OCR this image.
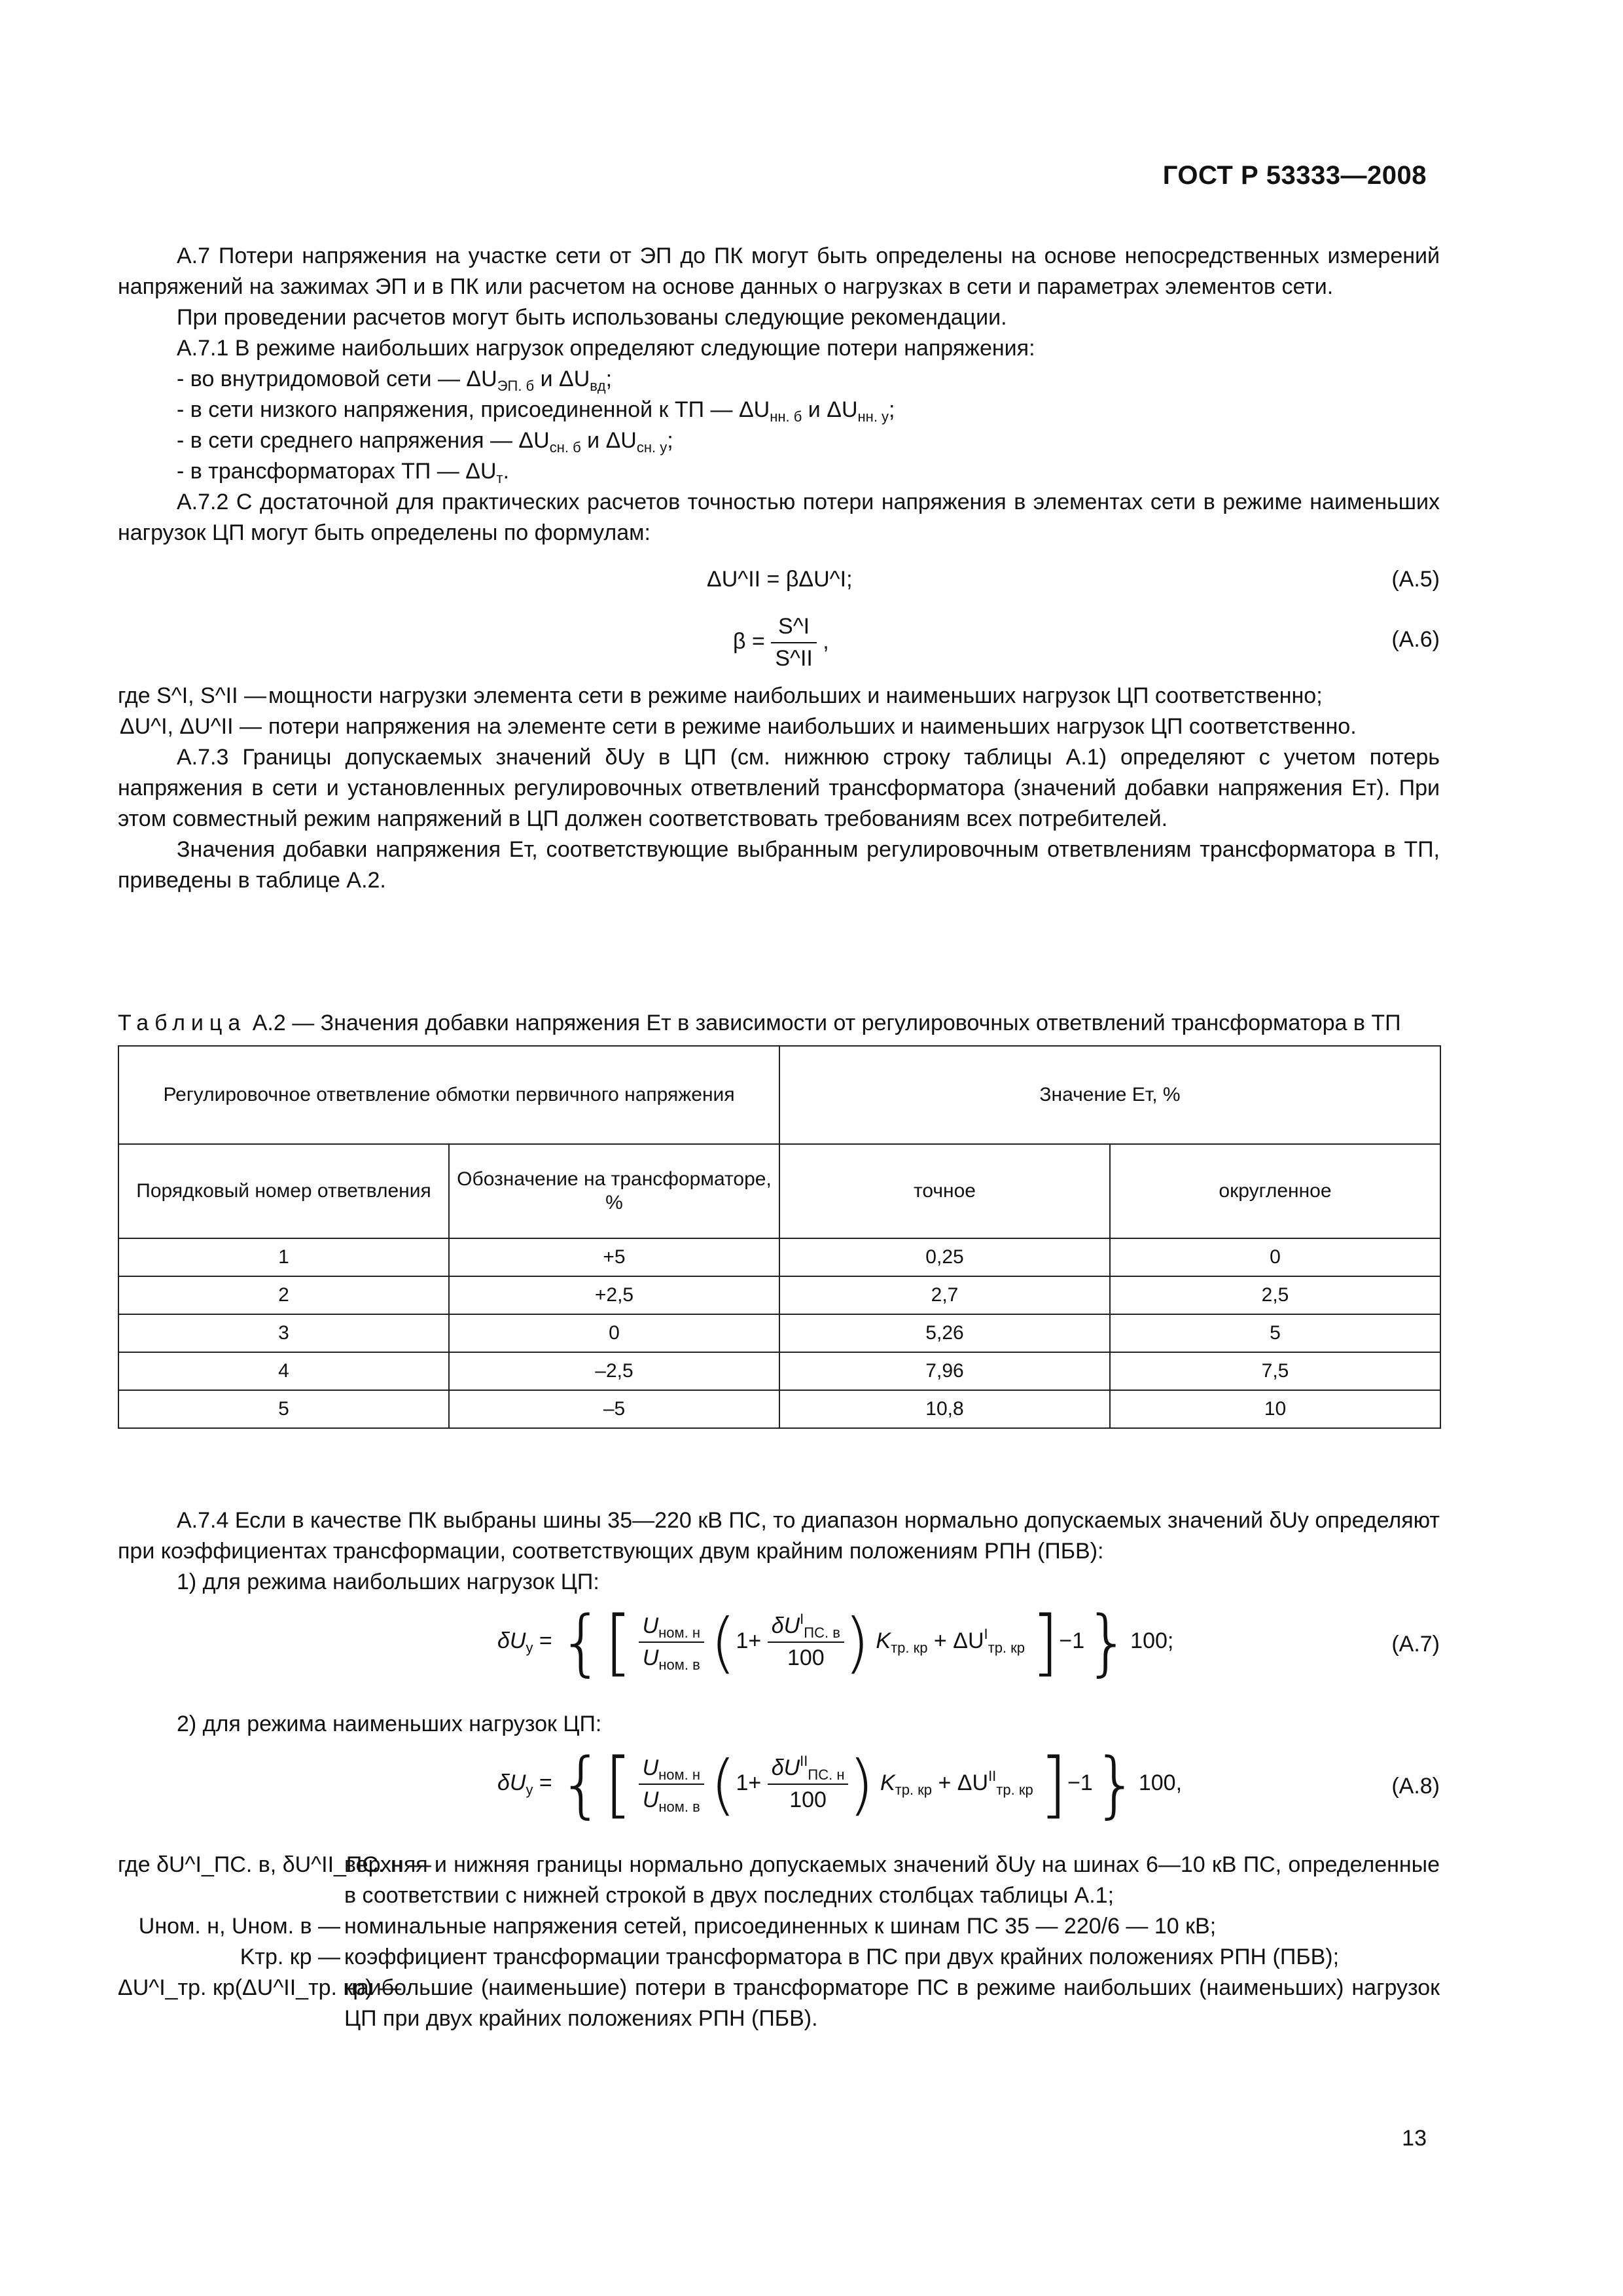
ГОСТ Р 53333—2008

А.7 Потери напряжения на участке сети от ЭП до ПК могут быть определены на основе непосредственных измерений напряжений на зажимах ЭП и в ПК или расчетом на основе данных о нагрузках в сети и параметрах элементов сети.

При проведении расчетов могут быть использованы следующие рекомендации.

А.7.1 В режиме наибольших нагрузок определяют следующие потери напряжения:

- во внутридомовой сети — $\Delta U_{ЭП. б}$ и $\Delta U_{вд}$;

- в сети низкого напряжения, присоединенной к ТП — $\Delta U_{нн. б}$ и $\Delta U_{нн. у}$;

- в сети среднего напряжения — $\Delta U_{сн. б}$ и $\Delta U_{сн. у}$;

- в трансформаторах ТП — $\Delta U_т$.

А.7.2 С достаточной для практических расчетов точностью потери напряжения в элементах сети в режиме наименьших нагрузок ЦП могут быть определены по формулам:

ΔU^II = βΔU^I;	(А.5)
$\beta = \frac{S\^{}I}{S\^{}II}$ ,	(А.6)
где S^I, S^II — мощности нагрузки элемента сети в режиме наибольших и наименьших нагрузок ЦП соответственно;
ΔU^I, ΔU^II — потери напряжения на элементе сети в режиме наибольших и наименьших нагрузок ЦП соответственно.

А.7.3 Границы допускаемых значений δUу в ЦП (см. нижнюю строку таблицы А.1) определяют с учетом потерь напряжения в сети и установленных регулировочных ответвлений трансформатора (значений добавки напряжения Eт). При этом совместный режим напряжений в ЦП должен соответствовать требованиям всех потребителей.

Значения добавки напряжения Eт, соответствующие выбранным регулировочным ответвлениям трансформатора в ТП, приведены в таблице А.2.

Таблица А.2 — Значения добавки напряжения Eт в зависимости от регулировочных ответвлений трансформатора в ТП
Регулировочное ответвление обмотки первичного напряжения		Значение Eт, %	
Порядковый номер ответвления	Обозначение на трансформаторе, %	точное	округленное
1	+5	0,25	0
2	+2,5	2,7	2,5
3	0	5,26	5
4	–2,5	7,96	7,5
5	–5	10,8	10

А.7.4 Если в качестве ПК выбраны шины 35—220 кВ ПС, то диапазон нормально допускаемых значений δUу определяют при коэффициентах трансформации, соответствующих двум крайним положениям РПН (ПБВ):

1) для режима наибольших нагрузок ЦП:

$\delta U_у$ = {[ $\frac{U_{ном. н}}{U_{ном. в}} (1+ \frac{\delta U^I_{ПС. в}}{100}$ ) $K_{тр. кр} + \Delta U^I_{тр. кр}$ ]−1}100;	(А.7)

2) для режима наименьших нагрузок ЦП:

$\delta U_у$ = {[ $\frac{U_{ном. н}}{U_{ном. в}} (1+ \frac{\delta U^{II}_{ПС. н}}{100}$ ) $K_{тр. кр} + \Delta U^{II}_{тр. кр}$ ]−1}100,	(А.8)
где δU^I_ПС. в, δU^II_ПС. н —
верхняя и нижняя границы нормально допускаемых значений δUу на шинах 6—10 кВ ПС, определенные в соответствии с нижней строкой в двух последних столбцах таблицы А.1;
Uном. н, Uном. в — номинальные напряжения сетей, присоединенных к шинам ПС 35 — 220/6 — 10 кВ;
Kтр. кр — коэффициент трансформации трансформатора в ПС при двух крайних положениях РПН (ПБВ);
ΔU^I_тр. кр(ΔU^II_тр. кр) —
наибольшие (наименьшие) потери в трансформаторе ПС в режиме наибольших (наименьших) нагрузок ЦП при двух крайних положениях РПН (ПБВ).
13
